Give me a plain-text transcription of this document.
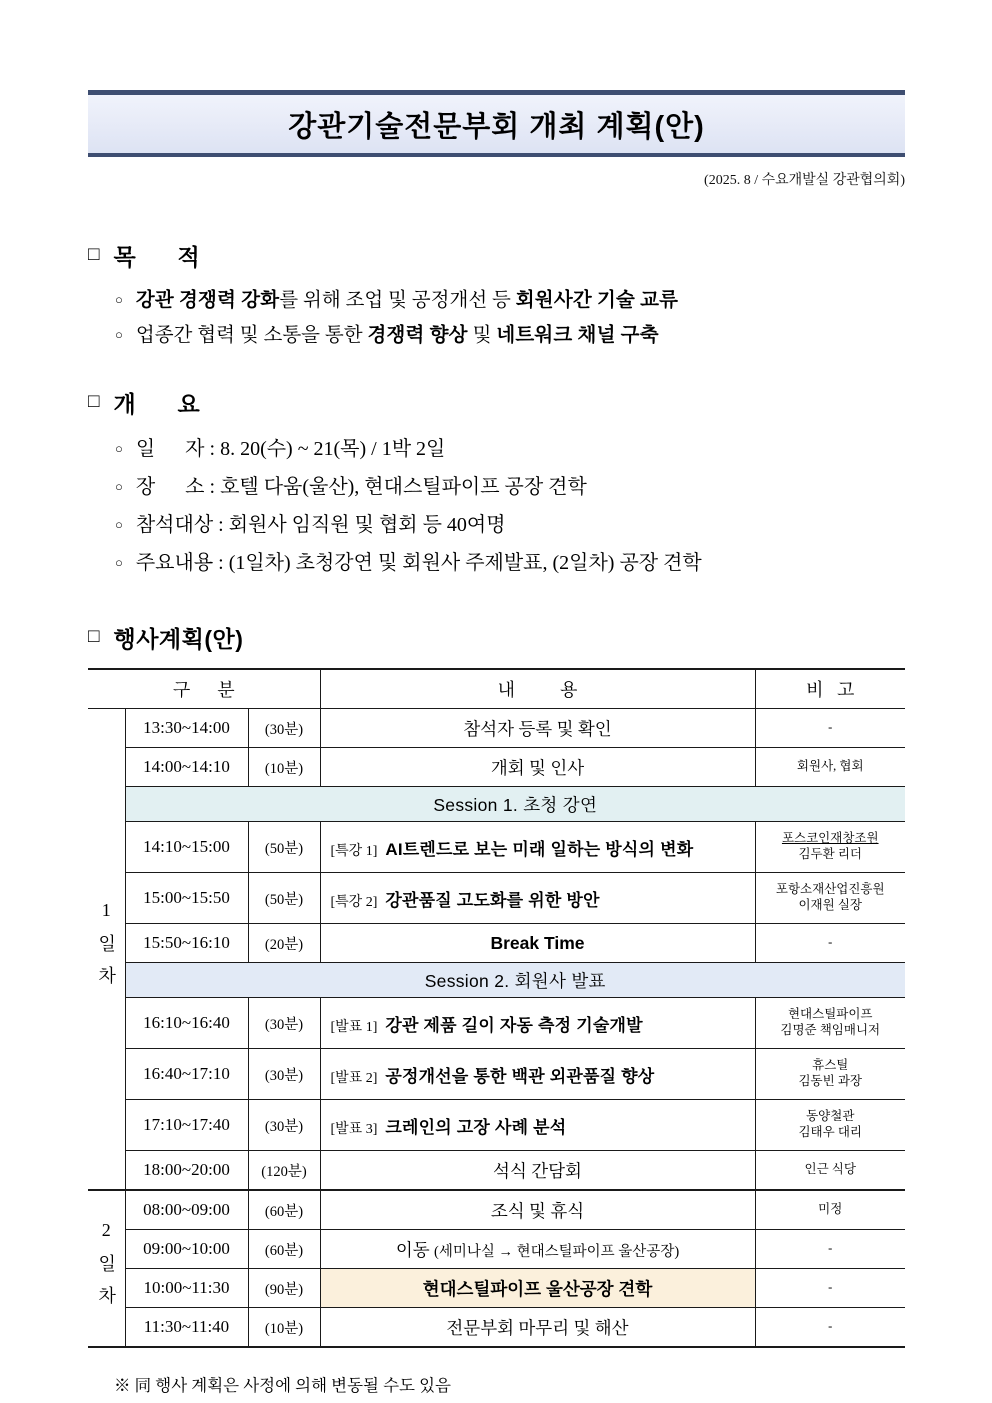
강관기술전문부회 개최 계획(안)
(2025. 8 / 수요개발실 강관협의회)
□ 목      적
○ 강관 경쟁력 강화를 위해 조업 및 공정개선 등 회원사간 기술 교류
○ 업종간 협력 및 소통을 통한 경쟁력 향상 및 네트워크 채널 구축
□ 개      요
○ 일      자 : 8. 20(수) ~ 21(목) / 1박 2일
○ 장      소 : 호텔 다움(울산), 현대스틸파이프 공장 견학
○ 참석대상 : 회원사 임직원 및 협회 등 40여명
○ 주요내용 : (1일차) 초청강연 및 회원사 주제발표, (2일차) 공장 견학
□ 행사계획(안)
구      분			내          용	비   고
1일차	13:30~14:00	(30분)	참석자 등록 및 확인	-
	14:00~14:10	(10분)	개회 및 인사	회원사, 협회
	Session 1. 초청 강연			
	14:10~15:00	(50분)	[특강 1] AI트렌드로 보는 미래 일하는 방식의 변화	포스코인재창조원
김두환 리더

	15:00~15:50	(50분)	[특강 2] 강관품질 고도화를 위한 방안	포항소재산업진흥원
이재원 실장

	15:50~16:10	(20분)	Break Time	-
	Session 2. 회원사 발표			
	16:10~16:40	(30분)	[발표 1] 강관 제품 길이 자동 측정 기술개발	현대스틸파이프
김명준 책임매니저

	16:40~17:10	(30분)	[발표 2] 공정개선을 통한 백관 외관품질 향상	휴스틸
김동빈 과장

	17:10~17:40	(30분)	[발표 3] 크레인의 고장 사례 분석	동양철관
김태우 대리

	18:00~20:00	(120분)	석식 간담회	인근 식당
2일차	08:00~09:00	(60분)	조식 및 휴식	미정
	09:00~10:00	(60분)	이동 (세미나실 → 현대스틸파이프 울산공장)	-
	10:00~11:30	(90분)	현대스틸파이프 울산공장 견학	-
	11:30~11:40	(10분)	전문부회 마무리 및 해산	-
※ 同 행사 계획은 사정에 의해 변동될 수도 있음
